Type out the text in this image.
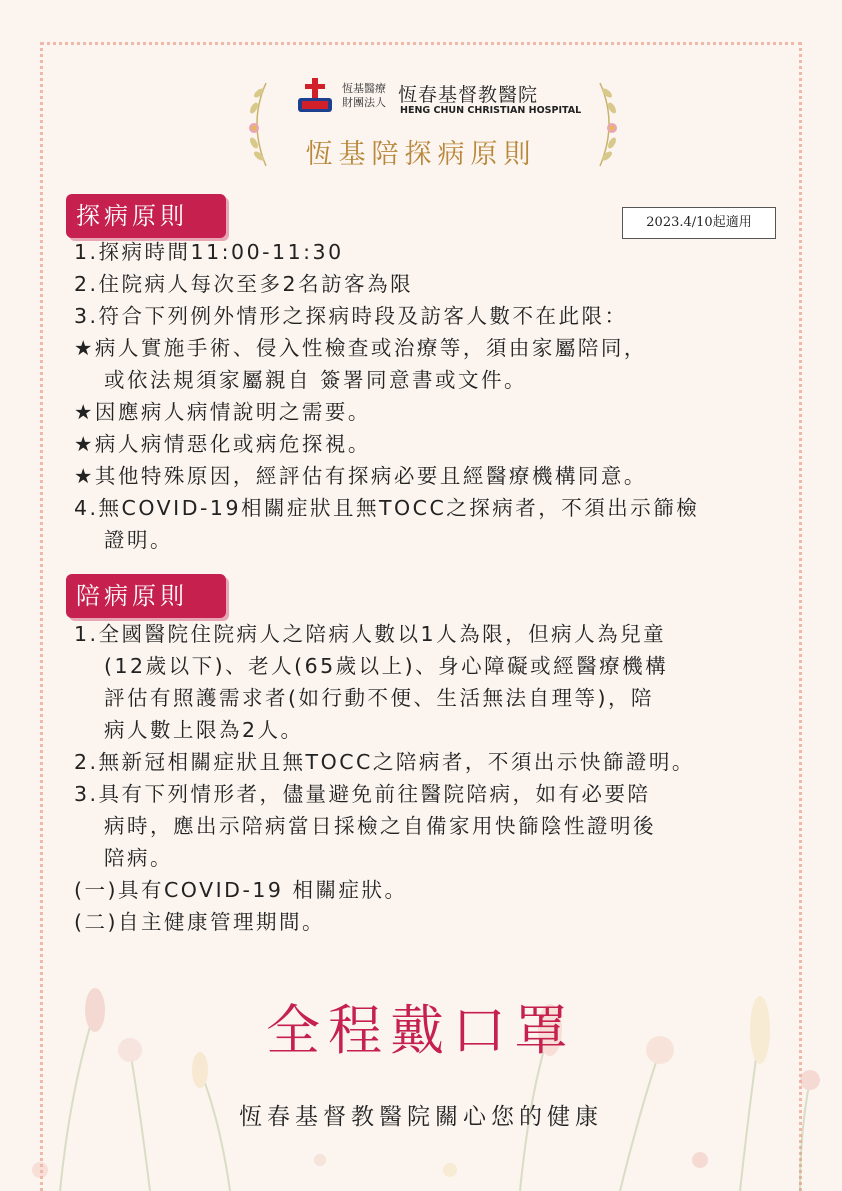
恆基醫療
財團法人 恆春基督教醫院
HENG CHUN CHRISTIAN HOSPITAL
恆基陪探病原則
探病原則	2023.4/10起適用
1.探病時間11:00-11:30
2.住院病人每次至多2名訪客為限
3.符合下列例外情形之探病時段及訪客人數不在此限：
★病人實施手術、侵入性檢查或治療等，須由家屬陪同，
或依法規須家屬親自 簽署同意書或文件。
★因應病人病情說明之需要。
★病人病情惡化或病危探視。
★其他特殊原因，經評估有探病必要且經醫療機構同意。
4.無COVID-19相關症狀且無TOCC之探病者，不須出示篩檢
證明。
陪病原則
1.全國醫院住院病人之陪病人數以1人為限，但病人為兒童
(12歲以下)、老人(65歲以上)、身心障礙或經醫療機構
評估有照護需求者(如行動不便、生活無法自理等)，陪
病人數上限為2人。
2.無新冠相關症狀且無TOCC之陪病者，不須出示快篩證明。
3.具有下列情形者，儘量避免前往醫院陪病，如有必要陪
病時，應出示陪病當日採檢之自備家用快篩陰性證明後
陪病。
(一)具有COVID-19 相關症狀。
(二)自主健康管理期間。
全程戴口罩
恆春基督教醫院關心您的健康
